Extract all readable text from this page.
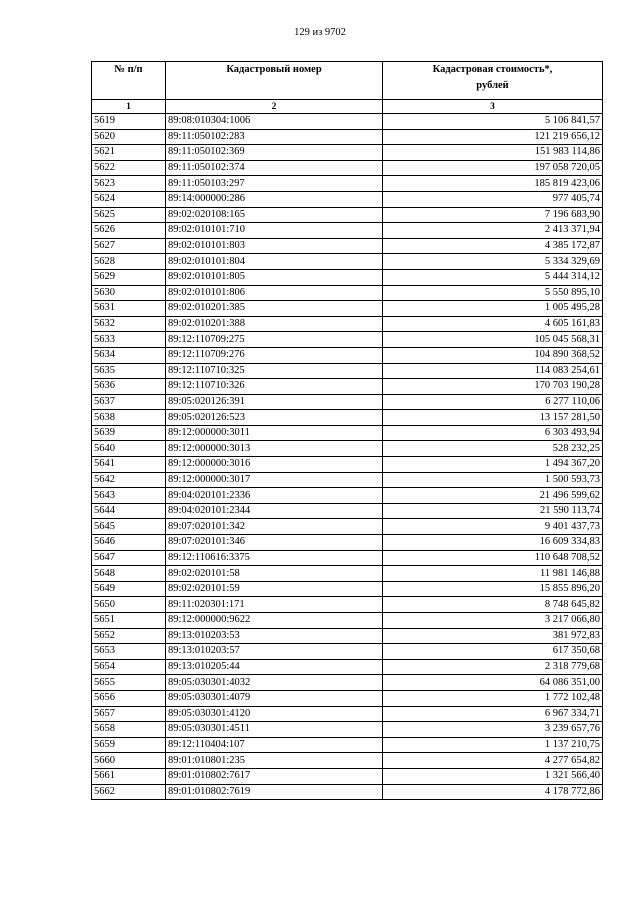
129 из 9702
№ п/п	Кадастровый номер	Кадастровая стоимость*,
рублей
1	2	3
5619	89:08:010304:1006	5 106 841,57
5620	89:11:050102:283	121 219 656,12
5621	89:11:050102:369	151 983 114,86
5622	89:11:050102:374	197 058 720,05
5623	89:11:050103:297	185 819 423,06
5624	89:14:000000:286	977 405,74
5625	89:02:020108:165	7 196 683,90
5626	89:02:010101:710	2 413 371,94
5627	89:02:010101:803	4 385 172,87
5628	89:02:010101:804	5 334 329,69
5629	89:02:010101:805	5 444 314,12
5630	89:02:010101:806	5 550 895,10
5631	89:02:010201:385	1 005 495,28
5632	89:02:010201:388	4 605 161,83
5633	89:12:110709:275	105 045 568,31
5634	89:12:110709:276	104 890 368,52
5635	89:12:110710:325	114 083 254,61
5636	89:12:110710:326	170 703 190,28
5637	89:05:020126:391	6 277 110,06
5638	89:05:020126:523	13 157 281,50
5639	89:12:000000:3011	6 303 493,94
5640	89:12:000000:3013	528 232,25
5641	89:12:000000:3016	1 494 367,20
5642	89:12:000000:3017	1 500 593,73
5643	89:04:020101:2336	21 496 599,62
5644	89:04:020101:2344	21 590 113,74
5645	89:07:020101:342	9 401 437,73
5646	89:07:020101:346	16 609 334,83
5647	89:12:110616:3375	110 648 708,52
5648	89:02:020101:58	11 981 146,88
5649	89:02:020101:59	15 855 896,20
5650	89:11:020301:171	8 748 645,82
5651	89:12:000000:9622	3 217 066,80
5652	89:13:010203:53	381 972,83
5653	89:13:010203:57	617 350,68
5654	89:13:010205:44	2 318 779,68
5655	89:05:030301:4032	64 086 351,00
5656	89:05:030301:4079	1 772 102,48
5657	89:05:030301:4120	6 967 334,71
5658	89:05:030301:4511	3 239 657,76
5659	89:12:110404:107	1 137 210,75
5660	89:01:010801:235	4 277 654,82
5661	89:01:010802:7617	1 321 566,40
5662	89:01:010802:7619	4 178 772,86
